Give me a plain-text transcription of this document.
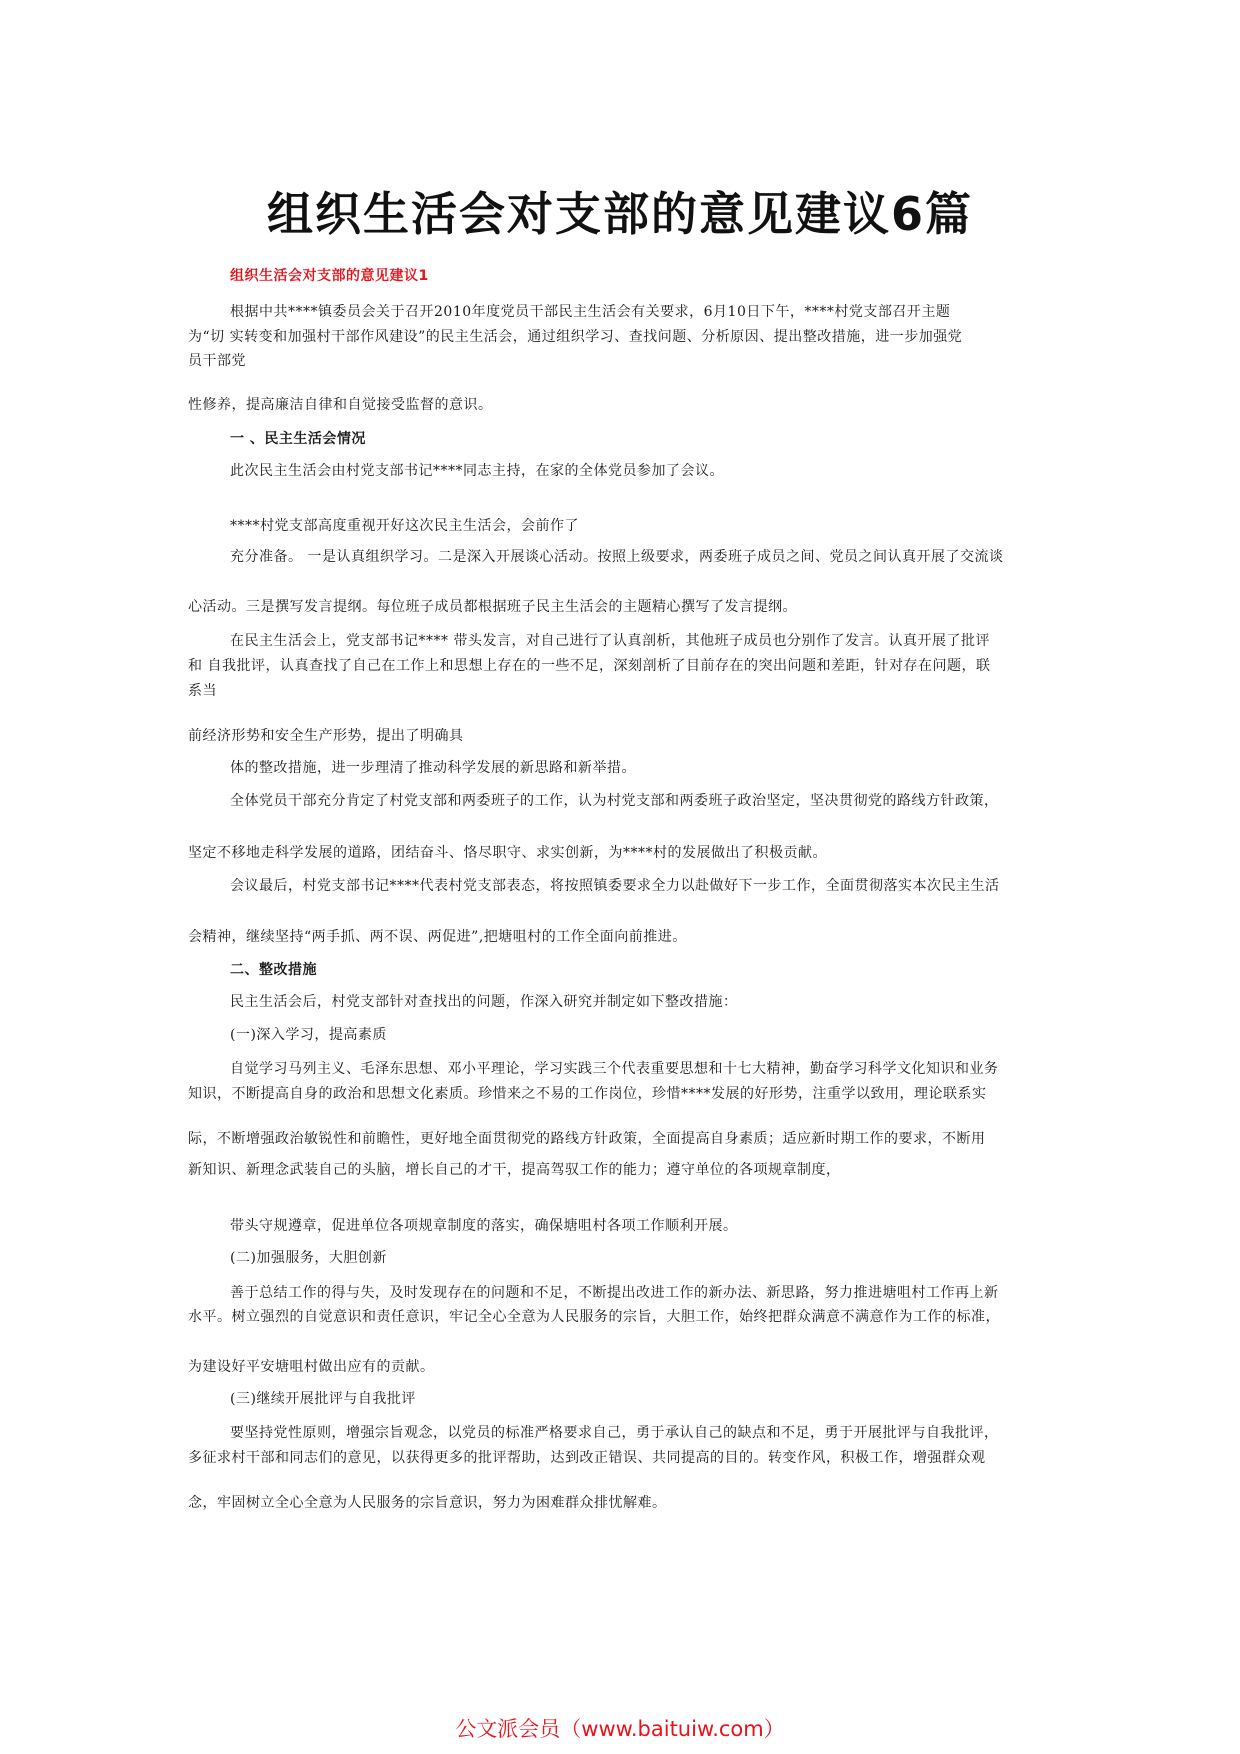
组织生活会对支部的意见建议6篇
组织生活会对支部的意见建议1
根据中共****镇委员会关于召开2010年度党员干部民主生活会有关要求，6月10日下午，****村党支部召开主题
为“切 实转变和加强村干部作风建设”的民主生活会，通过组织学习、查找问题、分析原因、提出整改措施，进一步加强党
员干部党
性修养，提高廉洁自律和自觉接受监督的意识。
一 、民主生活会情况
此次民主生活会由村党支部书记****同志主持，在家的全体党员参加了会议。
****村党支部高度重视开好这次民主生活会，会前作了
充分准备。 一是认真组织学习。二是深入开展谈心活动。按照上级要求，两委班子成员之间、党员之间认真开展了交流谈
心活动。三是撰写发言提纲。每位班子成员都根据班子民主生活会的主题精心撰写了发言提纲。
在民主生活会上，党支部书记**** 带头发言，对自己进行了认真剖析，其他班子成员也分别作了发言。认真开展了批评
和 自我批评，认真查找了自己在工作上和思想上存在的一些不足，深刻剖析了目前存在的突出问题和差距，针对存在问题，联
系当
前经济形势和安全生产形势，提出了明确具
体的整改措施，进一步理清了推动科学发展的新思路和新举措。
全体党员干部充分肯定了村党支部和两委班子的工作，认为村党支部和两委班子政治坚定，坚决贯彻党的路线方针政策，
坚定不移地走科学发展的道路，团结奋斗、恪尽职守、求实创新，为****村的发展做出了积极贡献。
会议最后，村党支部书记****代表村党支部表态，将按照镇委要求全力以赴做好下一步工作，全面贯彻落实本次民主生活
会精神，继续坚持“两手抓、两不误、两促进”,把塘咀村的工作全面向前推进。
二、整改措施
民主生活会后，村党支部针对查找出的问题，作深入研究并制定如下整改措施：
(一)深入学习，提高素质
自觉学习马列主义、毛泽东思想、邓小平理论，学习实践三个代表重要思想和十七大精神，勤奋学习科学文化知识和业务
知识，不断提高自身的政治和思想文化素质。珍惜来之不易的工作岗位，珍惜****发展的好形势，注重学以致用，理论联系实
际，不断增强政治敏锐性和前瞻性，更好地全面贯彻党的路线方针政策，全面提高自身素质；适应新时期工作的要求，不断用
新知识、新理念武装自己的头脑，增长自己的才干，提高驾驭工作的能力；遵守单位的各项规章制度，
带头守规遵章，促进单位各项规章制度的落实，确保塘咀村各项工作顺利开展。
(二)加强服务，大胆创新
善于总结工作的得与失，及时发现存在的问题和不足，不断提出改进工作的新办法、新思路，努力推进塘咀村工作再上新
水平。树立强烈的自觉意识和责任意识，牢记全心全意为人民服务的宗旨，大胆工作，始终把群众满意不满意作为工作的标准，
为建设好平安塘咀村做出应有的贡献。
(三)继续开展批评与自我批评
要坚持党性原则，增强宗旨观念，以党员的标准严格要求自己，勇于承认自己的缺点和不足，勇于开展批评与自我批评，
多征求村干部和同志们的意见，以获得更多的批评帮助，达到改正错误、共同提高的目的。转变作风，积极工作，增强群众观
念，牢固树立全心全意为人民服务的宗旨意识，努力为困难群众排忧解难。
公文派会员（www.baituiw.com）
